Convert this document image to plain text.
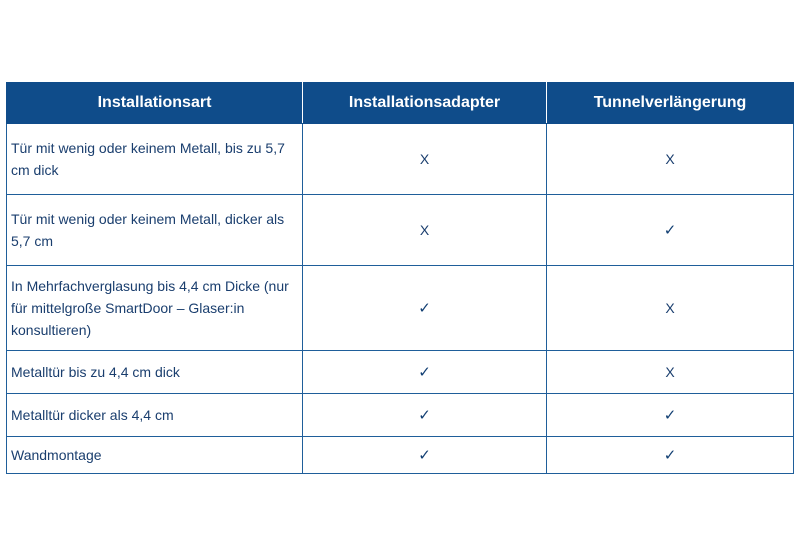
Installationsart	Installationsadapter	Tunnelverlängerung
Tür mit wenig oder keinem Metall, bis zu 5,7 cm dick	X	X
Tür mit wenig oder keinem Metall, dicker als 5,7 cm	X	✓
In Mehrfachverglasung bis 4,4 cm Dicke (nur für mittelgroße SmartDoor – Glaser:in konsultieren)	✓	X
Metalltür bis zu 4,4 cm dick	✓	X
Metalltür dicker als 4,4 cm	✓	✓
Wandmontage	✓	✓
